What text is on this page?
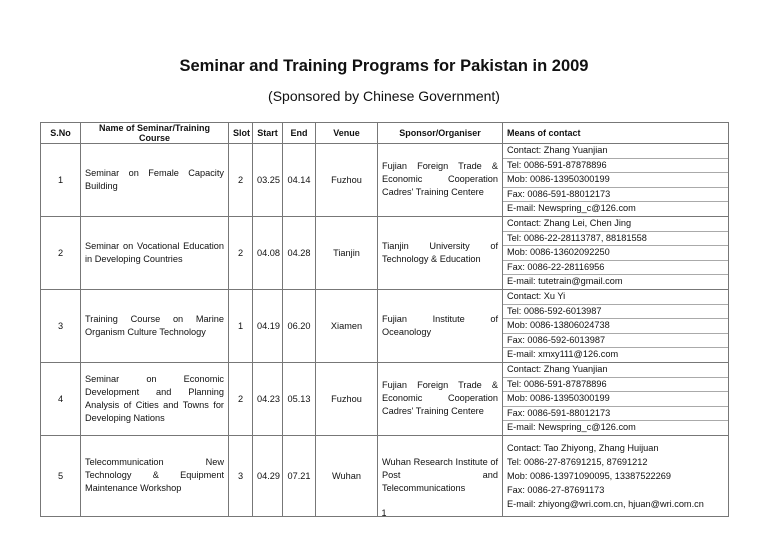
Seminar and Training Programs for Pakistan in 2009
(Sponsored by Chinese Government)
S.No	Name of Seminar/Training Course	Slot	Start	End	Venue	Sponsor/Organiser	Means of contact
1	Seminar on Female Capacity Building	2	03.25	04.14	Fuzhou	Fujian Foreign Trade & Economic Cooperation Cadres' Training Centere	Contact: Zhang Yuanjian
Tel: 0086-591-87878896
Mob: 0086-13950300199
Fax: 0086-591-88012173
E-mail: Newspring_c@126.com

2	Seminar on Vocational Education in Developing Countries	2	04.08	04.28	Tianjin	Tianjin University of Technology & Education	Contact: Zhang Lei, Chen Jing
Tel: 0086-22-28113787, 88181558
Mob: 0086-13602092250
Fax: 0086-22-28116956
E-mail: tutetrain@gmail.com

3	Training Course on Marine Organism Culture Technology	1	04.19	06.20	Xiamen	Fujian Institute of Oceanology	Contact: Xu Yi
Tel: 0086-592-6013987
Mob: 0086-13806024738
Fax: 0086-592-6013987
E-mail: xmxy111@126.com

4	Seminar on Economic Development and Planning Analysis of Cities and Towns for Developing Nations	2	04.23	05.13	Fuzhou	Fujian Foreign Trade & Economic Cooperation Cadres' Training Centere	Contact: Zhang Yuanjian
Tel: 0086-591-87878896
Mob: 0086-13950300199
Fax: 0086-591-88012173
E-mail: Newspring_c@126.com

5	Telecommunication New Technology & Equipment Maintenance Workshop	3	04.29	07.21	Wuhan	Wuhan Research Institute of Post and Telecommunications	Contact: Tao Zhiyong, Zhang Huijuan
Tel: 0086-27-87691215, 87691212
Mob: 0086-13971090095, 13387522269
Fax: 0086-27-87691173
E-mail: zhiyong@wri.com.cn, hjuan@wri.com.cn
1
